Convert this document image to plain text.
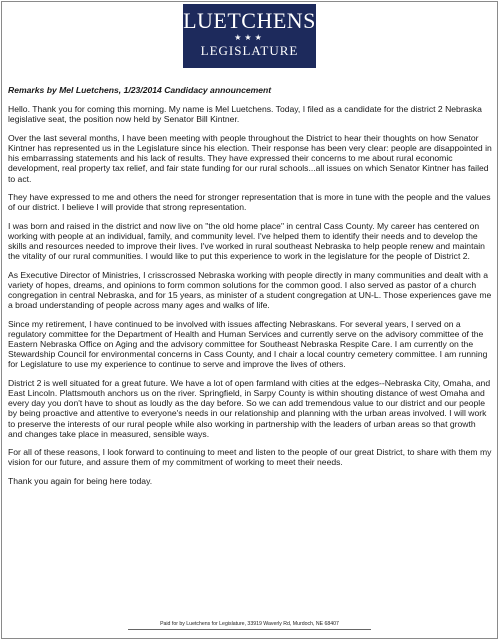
LUETCHENS
★★★
LEGISLATURE

Remarks by Mel Luetchens, 1/23/2014 Candidacy announcement

Hello. Thank you for coming this morning. My name is Mel Luetchens. Today, I filed as a candidate for the district 2 Nebraska legislative seat, the position now held by Senator Bill Kintner.

Over the last several months, I have been meeting with people throughout the District to hear their thoughts on how Senator Kintner has represented us in the Legislature since his election. Their response has been very clear: people are disappointed in his embarrassing statements and his lack of results. They have expressed their concerns to me about rural economic development, real property tax relief, and fair state funding for our rural schools...all issues on which Senator Kintner has failed to act.

They have expressed to me and others the need for stronger representation that is more in tune with the people and the values of our district. I believe I will provide that strong representation.

I was born and raised in the district and now live on "the old home place" in central Cass County. My career has centered on working with people at an individual, family, and community level. I've helped them to identify their needs and to develop the skills and resources needed to improve their lives. I've worked in rural southeast Nebraska to help people renew and maintain the vitality of our rural communities. I would like to put this experience to work in the legislature for the people of District 2.

As Executive Director of Ministries, I crisscrossed Nebraska working with people directly in many communities and dealt with a variety of hopes, dreams, and opinions to form common solutions for the common good. I also served as pastor of a church congregation in central Nebraska, and for 15 years, as minister of a student congregation at UN-L. Those experiences gave me a broad understanding of people across many ages and walks of life.

Since my retirement, I have continued to be involved with issues affecting Nebraskans. For several years, I served on a regulatory committee for the Department of Health and Human Services and currently serve on the advisory committee of the Eastern Nebraska Office on Aging and the advisory committee for Southeast Nebraska Respite Care. I am currently on the Stewardship Council for environmental concerns in Cass County, and I chair a local country cemetery committee. I am running for Legislature to use my experience to continue to serve and improve the lives of others.

District 2 is well situated for a great future. We have a lot of open farmland with cities at the edges--Nebraska City, Omaha, and East Lincoln. Plattsmouth anchors us on the river. Springfield, in Sarpy County is within shouting distance of west Omaha and every day you don't have to shout as loudly as the day before. So we can add tremendous value to our district and our people by being proactive and attentive to everyone's needs in our relationship and planning with the urban areas involved. I will work to preserve the interests of our rural people while also working in partnership with the leaders of urban areas so that growth and changes take place in measured, sensible ways.

For all of these reasons, I look forward to continuing to meet and listen to the people of our great District, to share with them my vision for our future, and assure them of my commitment of working to meet their needs.

Thank you again for being here today.

Paid for by Luetchens for Legislature, 33919 Waverly Rd, Murdoch, NE 68407
